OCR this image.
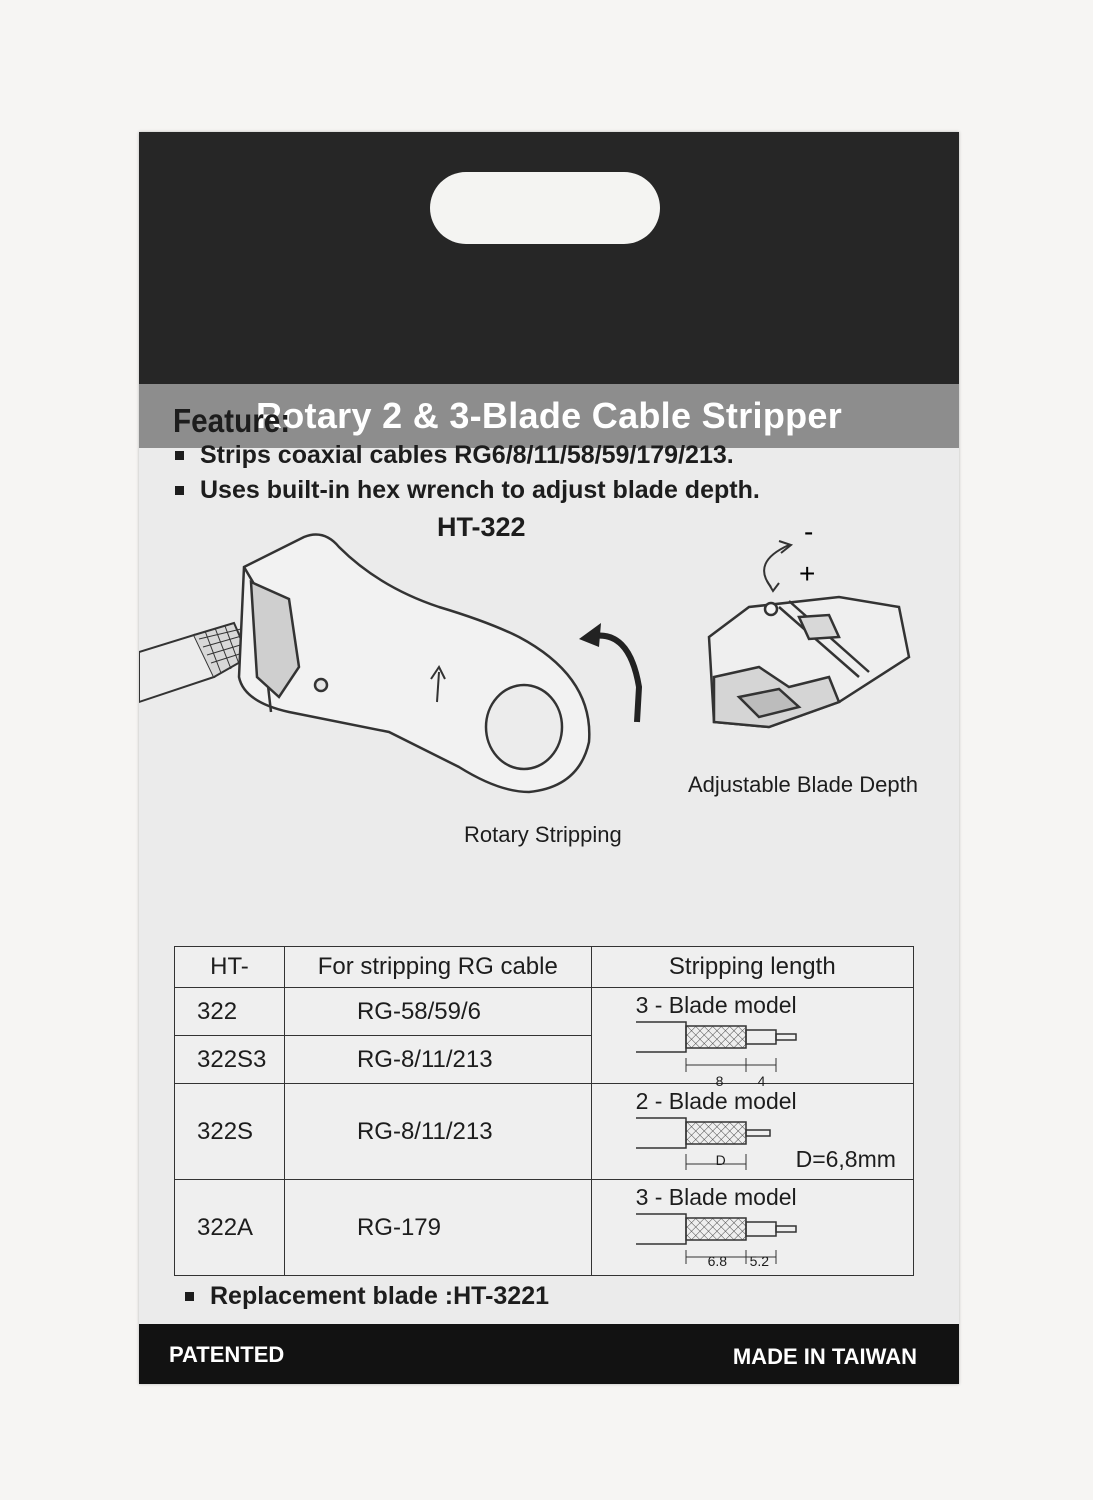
Rotary 2 & 3-Blade Cable Stripper
Feature:
Strips coaxial cables RG6/8/11/58/59/179/213.
Uses built-in hex wrench to adjust blade depth.
HT-322	-
+
Adjustable Blade Depth
Rotary Stripping
HT-	For stripping RG cable	Stripping length
322	RG-58/59/6	3 - Blade model
8 4

322S3	RG-8/11/213	
322S	RG-8/11/213	2 - Blade model
D D=6,8mm

322A	RG-179	3 - Blade model
6.8 5.2
Replacement blade :HT-3221
PATENTED	MADE IN TAIWAN
